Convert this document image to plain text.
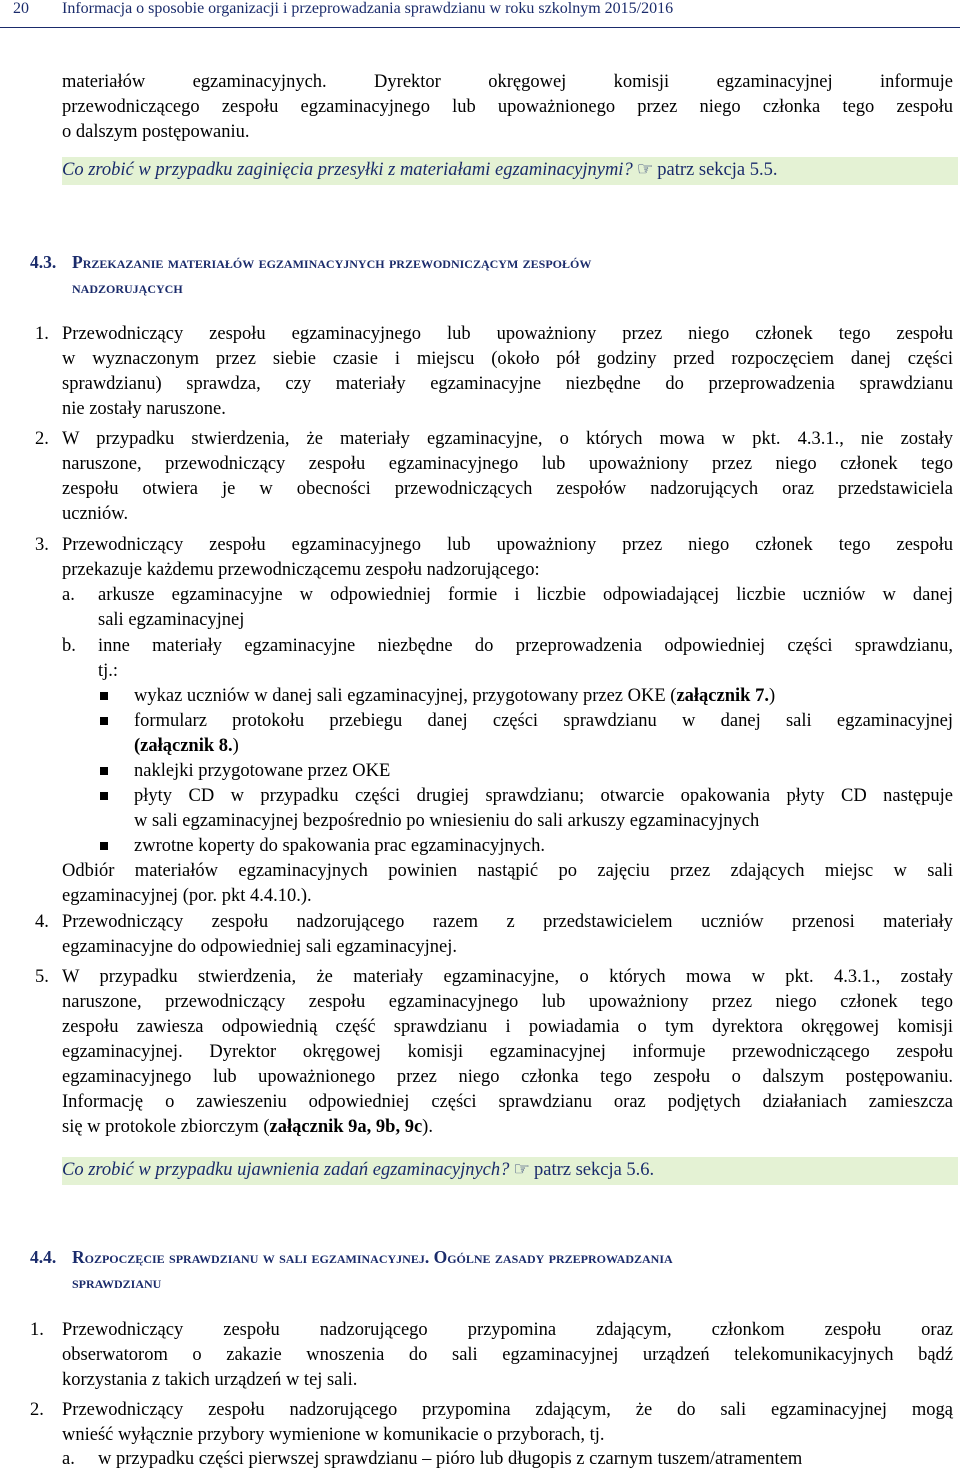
20 Informacja o sposobie organizacji i przeprowadzania sprawdzianu w roku szkolnym 2015/2016
materiałów egzaminacyjnych. Dyrektor okręgowej komisji egzaminacyjnej informuje
przewodniczącego zespołu egzaminacyjnego lub upoważnionego przez niego członka tego zespołu
o dalszym postępowaniu.
Co zrobić w przypadku zaginięcia przesyłki z materiałami egzaminacyjnymi? ☞ patrz sekcja 5.5.
4.3. Przekazanie materiałów egzaminacyjnych przewodniczącym zespołów
nadzorujących
1. Przewodniczący zespołu egzaminacyjnego lub upoważniony przez niego członek tego zespołu
w wyznaczonym przez siebie czasie i miejscu (około pół godziny przed rozpoczęciem danej części
sprawdzianu) sprawdza, czy materiały egzaminacyjne niezbędne do przeprowadzenia sprawdzianu
nie zostały naruszone.
2. W przypadku stwierdzenia, że materiały egzaminacyjne, o których mowa w pkt. 4.3.1., nie zostały
naruszone, przewodniczący zespołu egzaminacyjnego lub upoważniony przez niego członek tego
zespołu otwiera je w obecności przewodniczących zespołów nadzorujących oraz przedstawiciela
uczniów.
3. Przewodniczący zespołu egzaminacyjnego lub upoważniony przez niego członek tego zespołu
przekazuje każdemu przewodniczącemu zespołu nadzorującego:
a. arkusze egzaminacyjne w odpowiedniej formie i liczbie odpowiadającej liczbie uczniów w danej
sali egzaminacyjnej
b. inne materiały egzaminacyjne niezbędne do przeprowadzenia odpowiedniej części sprawdzianu,
tj.:
wykaz uczniów w danej sali egzaminacyjnej, przygotowany przez OKE (załącznik 7.)
formularz protokołu przebiegu danej części sprawdzianu w danej sali egzaminacyjnej
(załącznik 8.)
naklejki przygotowane przez OKE
płyty CD w przypadku części drugiej sprawdzianu; otwarcie opakowania płyty CD następuje
w sali egzaminacyjnej bezpośrednio po wniesieniu do sali arkuszy egzaminacyjnych
zwrotne koperty do spakowania prac egzaminacyjnych.
Odbiór materiałów egzaminacyjnych powinien nastąpić po zajęciu przez zdających miejsc w sali
egzaminacyjnej (por. pkt 4.4.10.).
4. Przewodniczący zespołu nadzorującego razem z przedstawicielem uczniów przenosi materiały
egzaminacyjne do odpowiedniej sali egzaminacyjnej.
5. W przypadku stwierdzenia, że materiały egzaminacyjne, o których mowa w pkt. 4.3.1., zostały
naruszone, przewodniczący zespołu egzaminacyjnego lub upoważniony przez niego członek tego
zespołu zawiesza odpowiednią część sprawdzianu i powiadamia o tym dyrektora okręgowej komisji
egzaminacyjnej. Dyrektor okręgowej komisji egzaminacyjnej informuje przewodniczącego zespołu
egzaminacyjnego lub upoważnionego przez niego członka tego zespołu o dalszym postępowaniu.
Informację o zawieszeniu odpowiedniej części sprawdzianu oraz podjętych działaniach zamieszcza
się w protokole zbiorczym (załącznik 9a, 9b, 9c).
Co zrobić w przypadku ujawnienia zadań egzaminacyjnych? ☞ patrz sekcja 5.6.
4.4. Rozpoczęcie sprawdzianu w sali egzaminacyjnej. Ogólne zasady przeprowadzania
sprawdzianu
1. Przewodniczący zespołu nadzorującego przypomina zdającym, członkom zespołu oraz
obserwatorom o zakazie wnoszenia do sali egzaminacyjnej urządzeń telekomunikacyjnych bądź
korzystania z takich urządzeń w tej sali.
2. Przewodniczący zespołu nadzorującego przypomina zdającym, że do sali egzaminacyjnej mogą
wnieść wyłącznie przybory wymienione w komunikacie o przyborach, tj.
a. w przypadku części pierwszej sprawdzianu – pióro lub długopis z czarnym tuszem/atramentem
